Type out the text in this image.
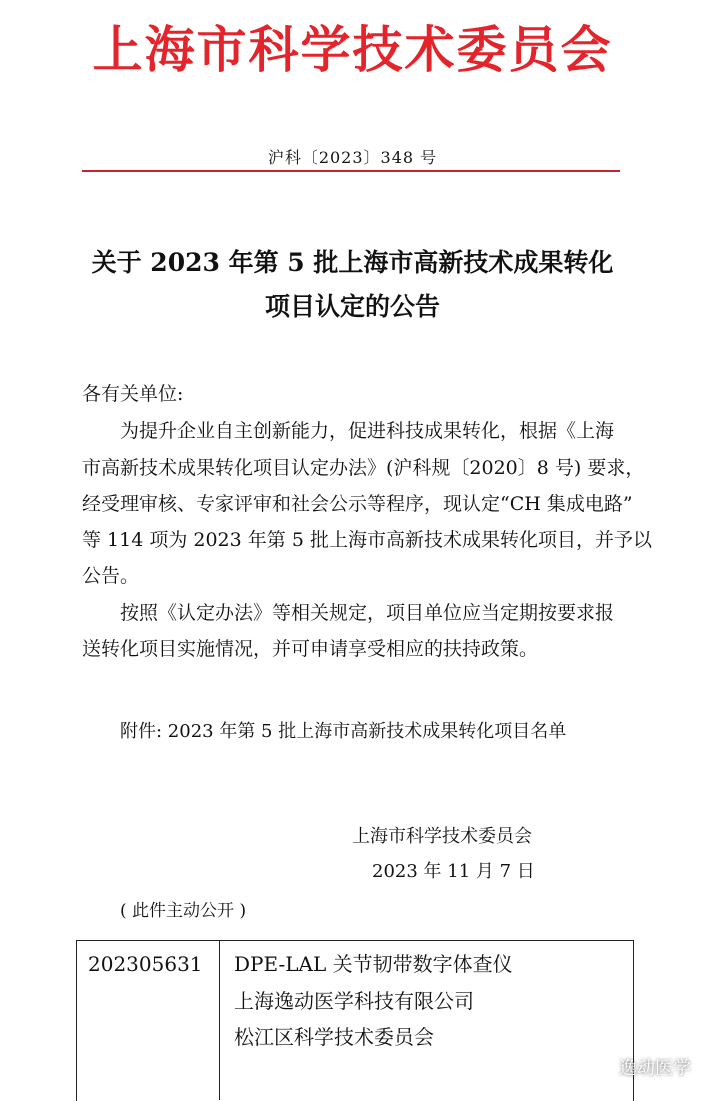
上海市科学技术委员会
沪科〔2023〕348 号
关于 2023 年第 5 批上海市高新技术成果转化
项目认定的公告
各有关单位:
为提升企业自主创新能力，促进科技成果转化，根据《上海
市高新技术成果转化项目认定办法》(沪科规〔2020〕8 号) 要求，
经受理审核、专家评审和社会公示等程序，现认定“CH 集成电路”
等 114 项为 2023 年第 5 批上海市高新技术成果转化项目，并予以
公告。
按照《认定办法》等相关规定，项目单位应当定期按要求报
送转化项目实施情况，并可申请享受相应的扶持政策。
附件: 2023 年第 5 批上海市高新技术成果转化项目名单
上海市科学技术委员会
2023 年 11 月 7 日
( 此件主动公开 )
202305631 DPE-LAL 关节韧带数字体查仪
上海逸动医学科技有限公司
松江区科学技术委员会
逸动医学
